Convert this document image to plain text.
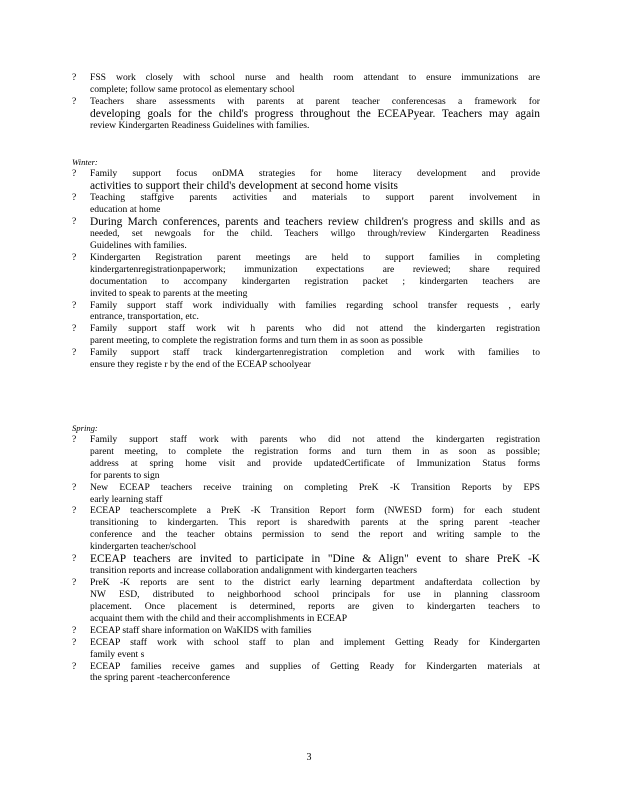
? FSS work closely with school nurse and health room attendant to ensure immunizations are
complete; follow same protocol as elementary school
? Teachers share assessments with parents at parent teacher conferencesas a framework for
developing goals for the child's progress throughout the ECEAPyear. Teachers may again
review Kindergarten Readiness Guidelines with families.

Winter:

? Family support focus onDMA strategies for home literacy development and provide
activities to support their child's development at second home visits
? Teaching staffgive parents activities and materials to support parent involvement in
education at home
? During March conferences, parents and teachers review children's progress and skills and as
needed, set newgoals for the child. Teachers willgo through/review Kindergarten Readiness
Guidelines with families.
? Kindergarten Registration parent meetings are held to support families in completing
kindergartenregistrationpaperwork; immunization expectations are reviewed; share required
documentation to accompany kindergarten registration packet ; kindergarten teachers are
invited to speak to parents at the meeting
? Family support staff work individually with families regarding school transfer requests , early
entrance, transportation, etc.
? Family support staff work wit h parents who did not attend the kindergarten registration
parent meeting, to complete the registration forms and turn them in as soon as possible
? Family support staff track kindergartenregistration completion and work with families to
ensure they registe r by the end of the ECEAP schoolyear

Spring:

? Family support staff work with parents who did not attend the kindergarten registration
parent meeting, to complete the registration forms and turn them in as soon as possible;
address at spring home visit and provide updatedCertificate of Immunization Status forms
for parents to sign
? New ECEAP teachers receive training on completing PreK -K Transition Reports by EPS
early learning staff
? ECEAP teacherscomplete a PreK -K Transition Report form (NWESD form) for each student
transitioning to kindergarten. This report is sharedwith parents at the spring parent -teacher
conference and the teacher obtains permission to send the report and writing sample to the
kindergarten teacher/school
? ECEAP teachers are invited to participate in "Dine & Align" event to share PreK -K
transition reports and increase collaboration andalignment with kindergarten teachers
? PreK -K reports are sent to the district early learning department andafterdata collection by
NW ESD, distributed to neighborhood school principals for use in planning classroom
placement. Once placement is determined, reports are given to kindergarten teachers to
acquaint them with the child and their accomplishments in ECEAP
? ECEAP staff share information on WaKIDS with families
? ECEAP staff work with school staff to plan and implement Getting Ready for Kindergarten
family event s
? ECEAP families receive games and supplies of Getting Ready for Kindergarten materials at
the spring parent -teacherconference
3
